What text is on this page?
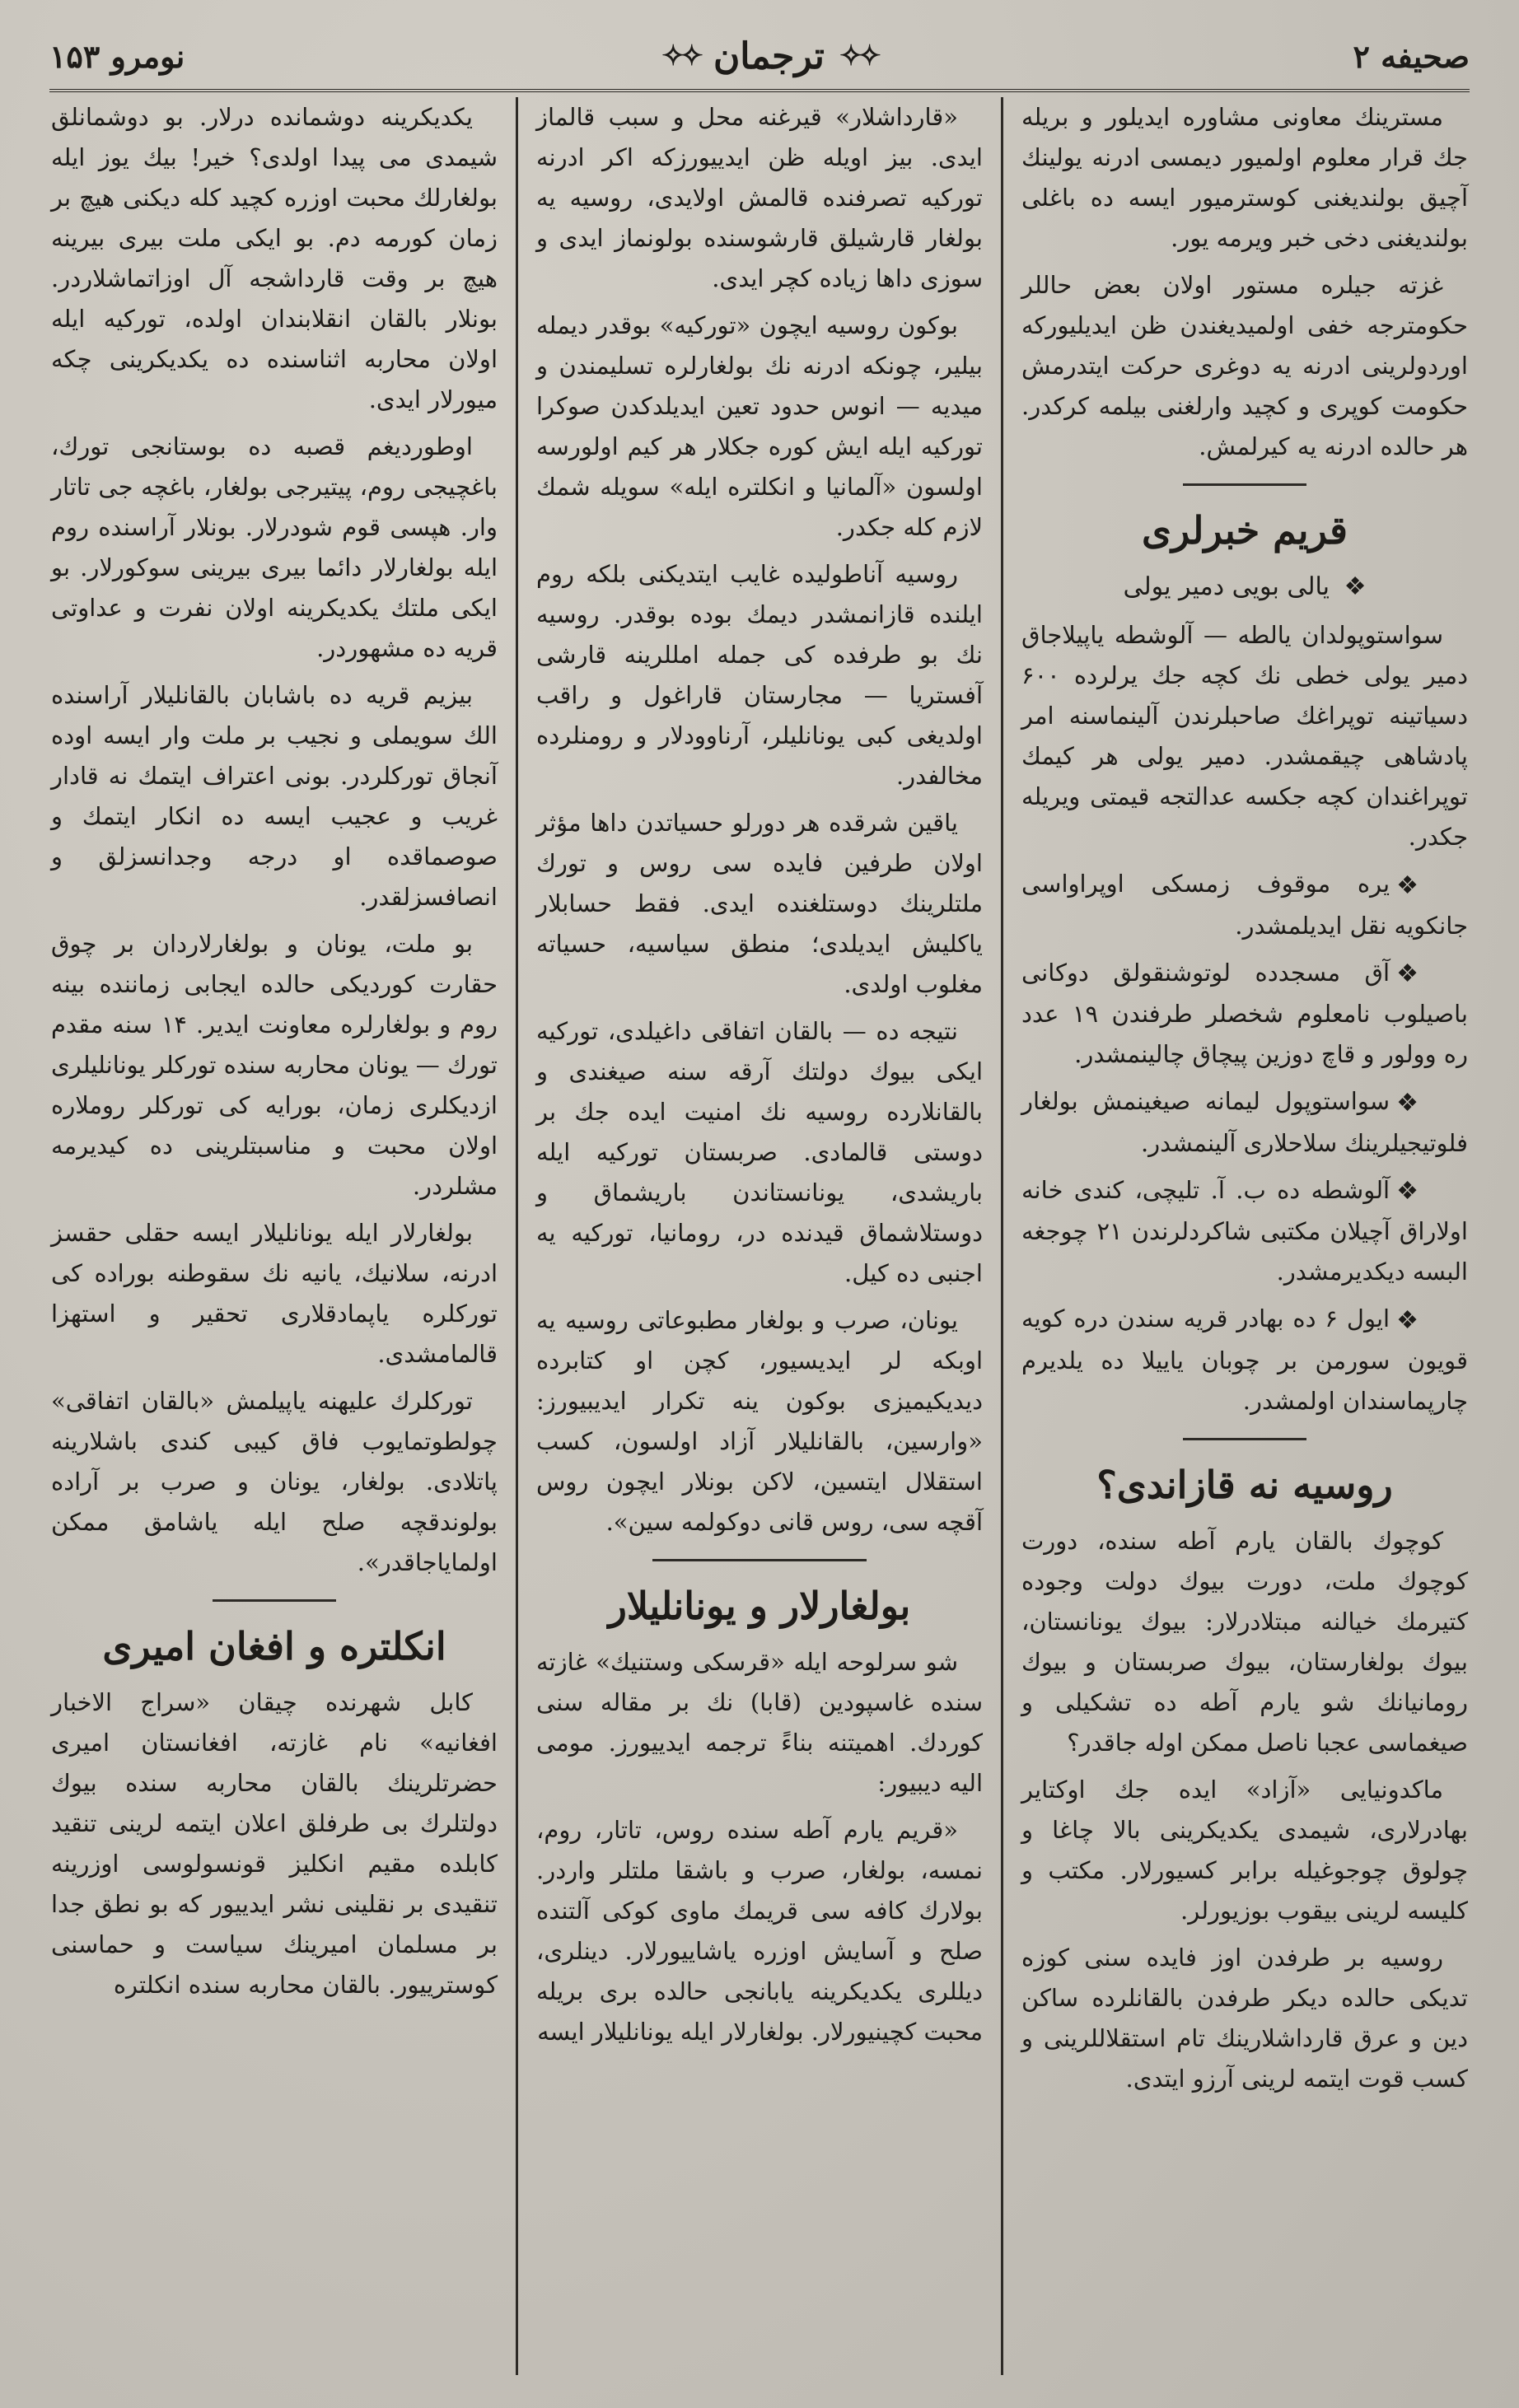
صحیفه ۲
✧✧
ترجمان
✧✧
نومرو ۱۵۳

مسترینك معاونی مشاوره ایدیلور و بریله جك قرار معلوم اولمیور دیمسی ادرنه یولینك آچیق بولندیغنی کوسترمیور ایسه ده باغلی بولندیغنی دخی خبر ویرمه یور.

غزته جیلره مستور اولان بعض حاللر حکومترجه خفی اولمیدیغندن ظن ایدیلیورکه اوردولرینی ادرنه یه دوغری حرکت ایتدرمش حکومت کوپری و کچید وارلغنی بیلمه کرکدر. هر حالده ادرنه یه کیرلمش.

قریم خبرلری
❖ یالی بویی دمیر یولی

سواستوپولدان یالطه — آلوشطه یاپیلاجاق دمیر یولی خطی نك کچه جك یرلرده ۶۰۰ دسیاتینه توپراغك صاحبلرندن آلینماسنه امر پادشاهی چیقمشدر. دمیر یولی هر کیمك توپراغندان کچه جکسه عدالتجه قیمتی ویریله جکدر.

❖یره موقوف زمسکی اوپراواسی جانکویه نقل ایدیلمشدر.

❖آق مسجدده لوتوشنقولق دوکانی باصیلوب نامعلوم شخصلر طرفندن ۱۹ عدد ره وولور و قاچ دوزین پیچاق چالینمشدر.

❖سواستوپول لیمانه صیغینمش بولغار فلوتیجیلرینك سلاحلاری آلینمشدر.

❖آلوشطه ده ب. آ. تلیچی، کندی خانه اولاراق آچیلان مکتبی شاکردلرندن ۲۱ چوجغه البسه دیکدیرمشدر.

❖ایول ۶ ده بهادر قریه سندن دره کویه قویون سورمن بر چوبان یاییلا ده یلدیرم چارپماسندان اولمشدر.

روسیه نه قازاندی؟

کوچوك بالقان یارم آطه سنده، دورت کوچوك ملت، دورت بیوك دولت وجوده کتیرمك خیالنه مبتلادرلار: بیوك یونانستان، بیوك بولغارستان، بیوك صربستان و بیوك رومانیانك شو یارم آطه ده تشکیلی و صیغماسی عجبا ناصل ممکن اوله جاقدر؟

ماکدونیایی «آزاد» ایده جك اوکتایر بهادرلاری، شیمدی یکدیکرینی بالا چاغا و چولوق چوجوغیله برابر کسیورلار. مکتب و کلیسه لرینی بیقوب بوزیورلر.

روسیه بر طرفدن اوز فایده سنی کوزه تدیکی حالده دیکر طرفدن بالقانلرده ساکن دین و عرق قارداشلارینك تام استقلاللرینی و کسب قوت ایتمه لرینی آرزو ایتدی.

«قارداشلار» قیرغنه محل و سبب قالماز ایدی. بیز اویله ظن ایدییورزکه اکر ادرنه تورکیه تصرفنده قالمش اولایدی، روسیه یه بولغار قارشیلق قارشوسنده بولونماز ایدی و سوزی داها زیاده کچر ایدی.

بوکون روسیه ایچون «تورکیه» بوقدر دیمله بیلیر، چونکه ادرنه نك بولغارلره تسلیمندن و میدیه — انوس حدود تعین ایدیلدکدن صوکرا تورکیه ایله ایش کوره جکلار هر کیم اولورسه اولسون «آلمانیا و انکلتره ایله» سویله شمك لازم کله جکدر.

روسیه آناطولیده غایب ایتدیکنی بلکه روم ایلنده قازانمشدر دیمك بوده بوقدر. روسیه نك بو طرفده کی جمله امللرینه قارشی آفستریا — مجارستان قاراغول و راقب اولدیغی کبی یونانلیلر، آرناوودلار و رومنلرده مخالفدر.

یاقین شرقده هر دورلو حسیاتدن داها مؤثر اولان طرفین فایده سی روس و تورك ملتلرینك دوستلغنده ایدی. فقط حسابلار یاکلیش ایدیلدی؛ منطق سیاسیه، حسیاته مغلوب اولدی.

نتیجه ده — بالقان اتفاقی داغیلدی، تورکیه ایکی بیوك دولتك آرقه سنه صیغندی و بالقانلارده روسیه نك امنیت ایده جك بر دوستی قالمادی. صربستان تورکیه ایله باریشدی، یونانستاندن باریشماق و دوستلاشماق قیدنده در، رومانیا، تورکیه یه اجنبی ده کیل.

یونان، صرب و بولغار مطبوعاتی روسیه یه اوبکه لر ایدیسیور، کچن او کتابرده دیدیکیمیزی بوکون ینه تکرار ایدیبیورز: «وارسین، بالقانلیلار آزاد اولسون، کسب استقلال ایتسین، لاکن بونلار ایچون روس آقچه سی، روس قانی دوکولمه سین».

بولغارلار و یونانلیلار

شو سرلوحه ایله «قرسکی وستنیك» غازته سنده غاسپودین (قابا) نك بر مقاله سنی کوردك. اهمیتنه بناءً ترجمه ایدییورز. مومی الیه دیبیور:

«قریم یارم آطه سنده روس، تاتار، روم، نمسه، بولغار، صرب و باشقا ملتلر واردر. بولارك کافه سی قریمك ماوی کوکی آلتنده صلح و آسایش اوزره یاشاییورلار. دینلری، دیللری یکدیکرینه یابانجی حالده بری بریله محبت کچینیورلار. بولغارلار ایله یونانلیلار ایسه

یکدیکرینه دوشمانده درلار. بو دوشمانلق شیمدی می پیدا اولدی؟ خیر! بیك یوز ایله بولغارلك محبت اوزره کچید کله دیکنی هیچ بر زمان کورمه دم. بو ایکی ملت بیری بیرینه هیچ بر وقت قارداشجه آل اوزاتماشلاردر. بونلار بالقان انقلابندان اولده، تورکیه ایله اولان محاربه اثناسنده ده یکدیکرینی چکه میورلار ایدی.

اوطوردیغم قصبه ده بوستانجی تورك، باغچیجی روم، پیتیرجی بولغار، باغچه جی تاتار وار. هپسی قوم شودرلار. بونلار آراسنده روم ایله بولغارلار دائما بیری بیرینی سوکورلار. بو ایکی ملتك یکدیکرینه اولان نفرت و عداوتی قریه ده مشهوردر.

بیزیم قریه ده باشابان بالقانلیلار آراسنده الك سویملی و نجیب بر ملت وار ایسه اوده آنجاق تورکلردر. بونی اعتراف ایتمك نه قادار غریب و عجیب ایسه ده انکار ایتمك و صوصماقده او درجه وجدانسزلق و انصافسزلقدر.

بو ملت، یونان و بولغارلاردان بر چوق حقارت کوردیکی حالده ایجابی زماننده بینه روم و بولغارلره معاونت ایدیر. ۱۴ سنه مقدم تورك — یونان محاربه سنده تورکلر یونانلیلری ازدیکلری زمان، بورایه کی تورکلر روملاره اولان محبت و مناسبتلرینی ده کیدیرمه مشلردر.

بولغارلار ایله یونانلیلار ایسه حقلی حقسز ادرنه، سلانیك، یانیه نك سقوطنه بوراده کی تورکلره یاپمادقلاری تحقیر و استهزا قالمامشدی.

تورکلرك علیهنه یاپیلمش «بالقان اتفاقی» چولطوتمایوب فاق کیبی کندی باشلارینه پاتلادی. بولغار، یونان و صرب بر آراده بولوندقچه صلح ایله یاشامق ممکن اولمایاجاقدر».

انکلتره و افغان امیری

کابل شهرنده چیقان «سراج الاخبار افغانیه» نام غازته، افغانستان امیری حضرتلرینك بالقان محاربه سنده بیوك دولتلرك بی طرفلق اعلان ایتمه لرینی تنقید کابلده مقیم انکلیز قونسولوسی اوزرینه تنقیدی بر نقلینی نشر ایدییور که بو نطق جدا بر مسلمان امیرینك سیاست و حماسنی کوسترییور. بالقان محاربه سنده انکلتره
